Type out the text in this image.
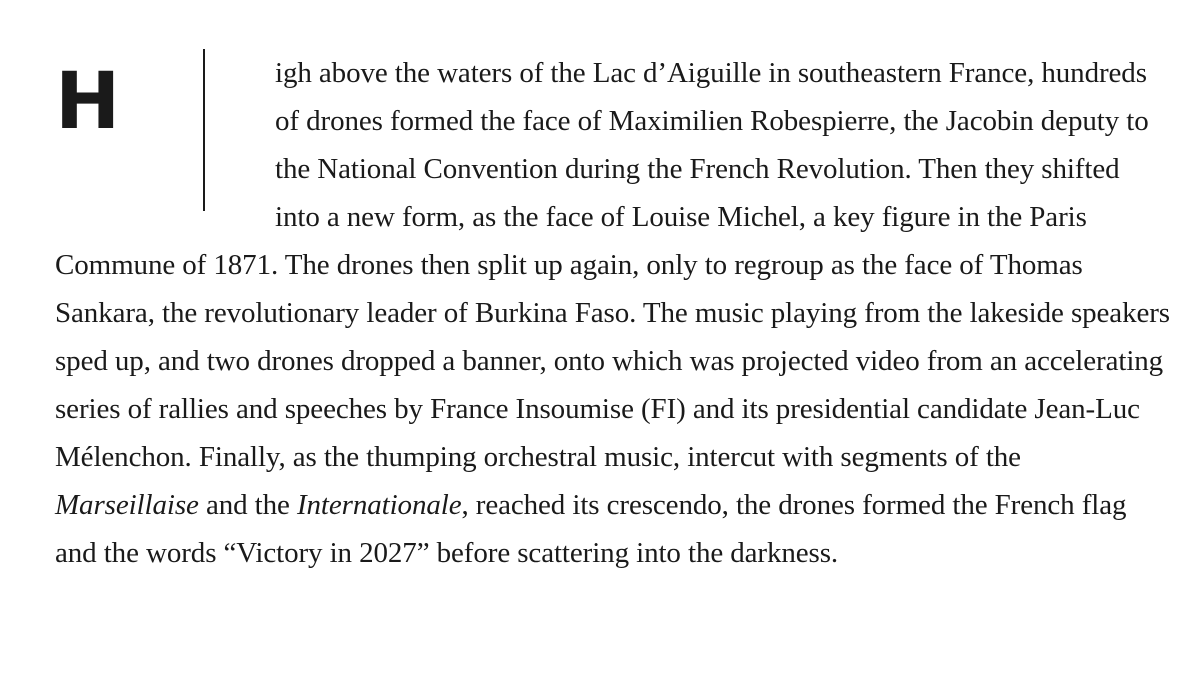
H	igh above the waters of the Lac d’Aiguille in southeastern France, hundreds of drones formed the face of Maximilien Robespierre, the Jacobin deputy to the National Convention during the French Revolution. Then they shifted into a new form, as the face of Louise Michel, a key figure in the Paris Commune of 1871. The drones then split up again, only to regroup as the face of Thomas Sankara, the revolutionary leader of Burkina Faso. The music playing from the lakeside speakers sped up, and two drones dropped a banner, onto which was projected video from an accelerating series of rallies and speeches by France Insoumise (FI) and its presidential candidate Jean-Luc Mélenchon. Finally, as the thumping orchestral music, intercut with segments of the Marseillaise and the Internationale, reached its crescendo, the drones formed the French flag and the words “Victory in 2027” before scattering into the darkness.
